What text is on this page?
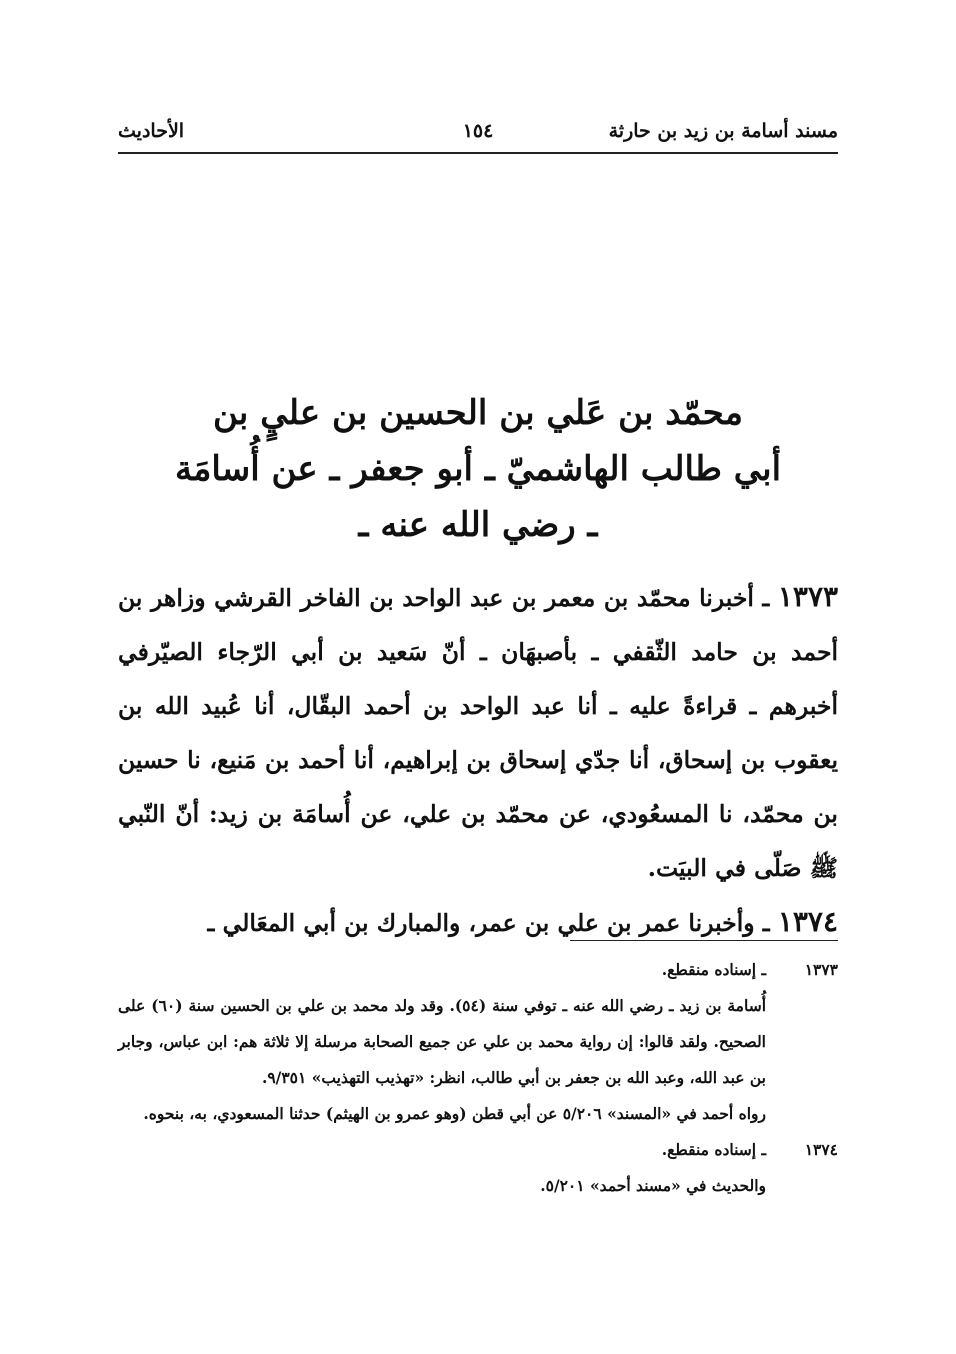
مسند أسامة بن زيد بن حارثة
١٥٤
الأحاديث
محمّد بن عَلي بن الحسين بن عليٍ بن
أبي طالب الهاشميّ ـ أبو جعفر ـ عن أُسامَة
ـ رضي الله عنه ـ

١٣٧٣ ـ أخبرنا محمّد بن معمر بن عبد الواحد بن الفاخر القرشي وزاهر بن أحمد بن حامد الثّقفي ـ بأصبهَان ـ أنّ سَعيد بن أبي الرّجاء الصيّرفي أخبرهم ـ قراءةً عليه ـ أنا عبد الواحد بن أحمد البقّال، أنا عُبيد الله بن يعقوب بن إسحاق، أنا جدّي إسحاق بن إبراهيم، أنا أحمد بن مَنيع، نا حسين بن محمّد، نا المسعُودي، عن محمّد بن علي، عن أُسامَة بن زيد: أنّ النّبي ﷺ صَلّى في البيَت.

١٣٧٤ ـ وأخبرنا عمر بن علي بن عمر، والمبارك بن أبي المعَالي ـ

١٣٧٣
ـ إسناده منقطع.
أُسامة بن زيد ـ رضي الله عنه ـ توفي سنة (٥٤). وقد ولد محمد بن علي بن الحسين سنة (٦٠) على الصحيح. ولقد قالوا: إن رواية محمد بن علي عن جميع الصحابة مرسلة إلا ثلاثة هم: ابن عباس، وجابر بن عبد الله، وعبد الله بن جعفر بن أبي طالب، انظر: «تهذيب التهذيب» ٩/٣٥١.
رواه أحمد في «المسند» ٥/٢٠٦ عن أبي قطن (وهو عمرو بن الهيثم) حدثنا المسعودي، به، بنحوه.
١٣٧٤
ـ إسناده منقطع.
والحديث في «مسند أحمد» ٥/٢٠١.
